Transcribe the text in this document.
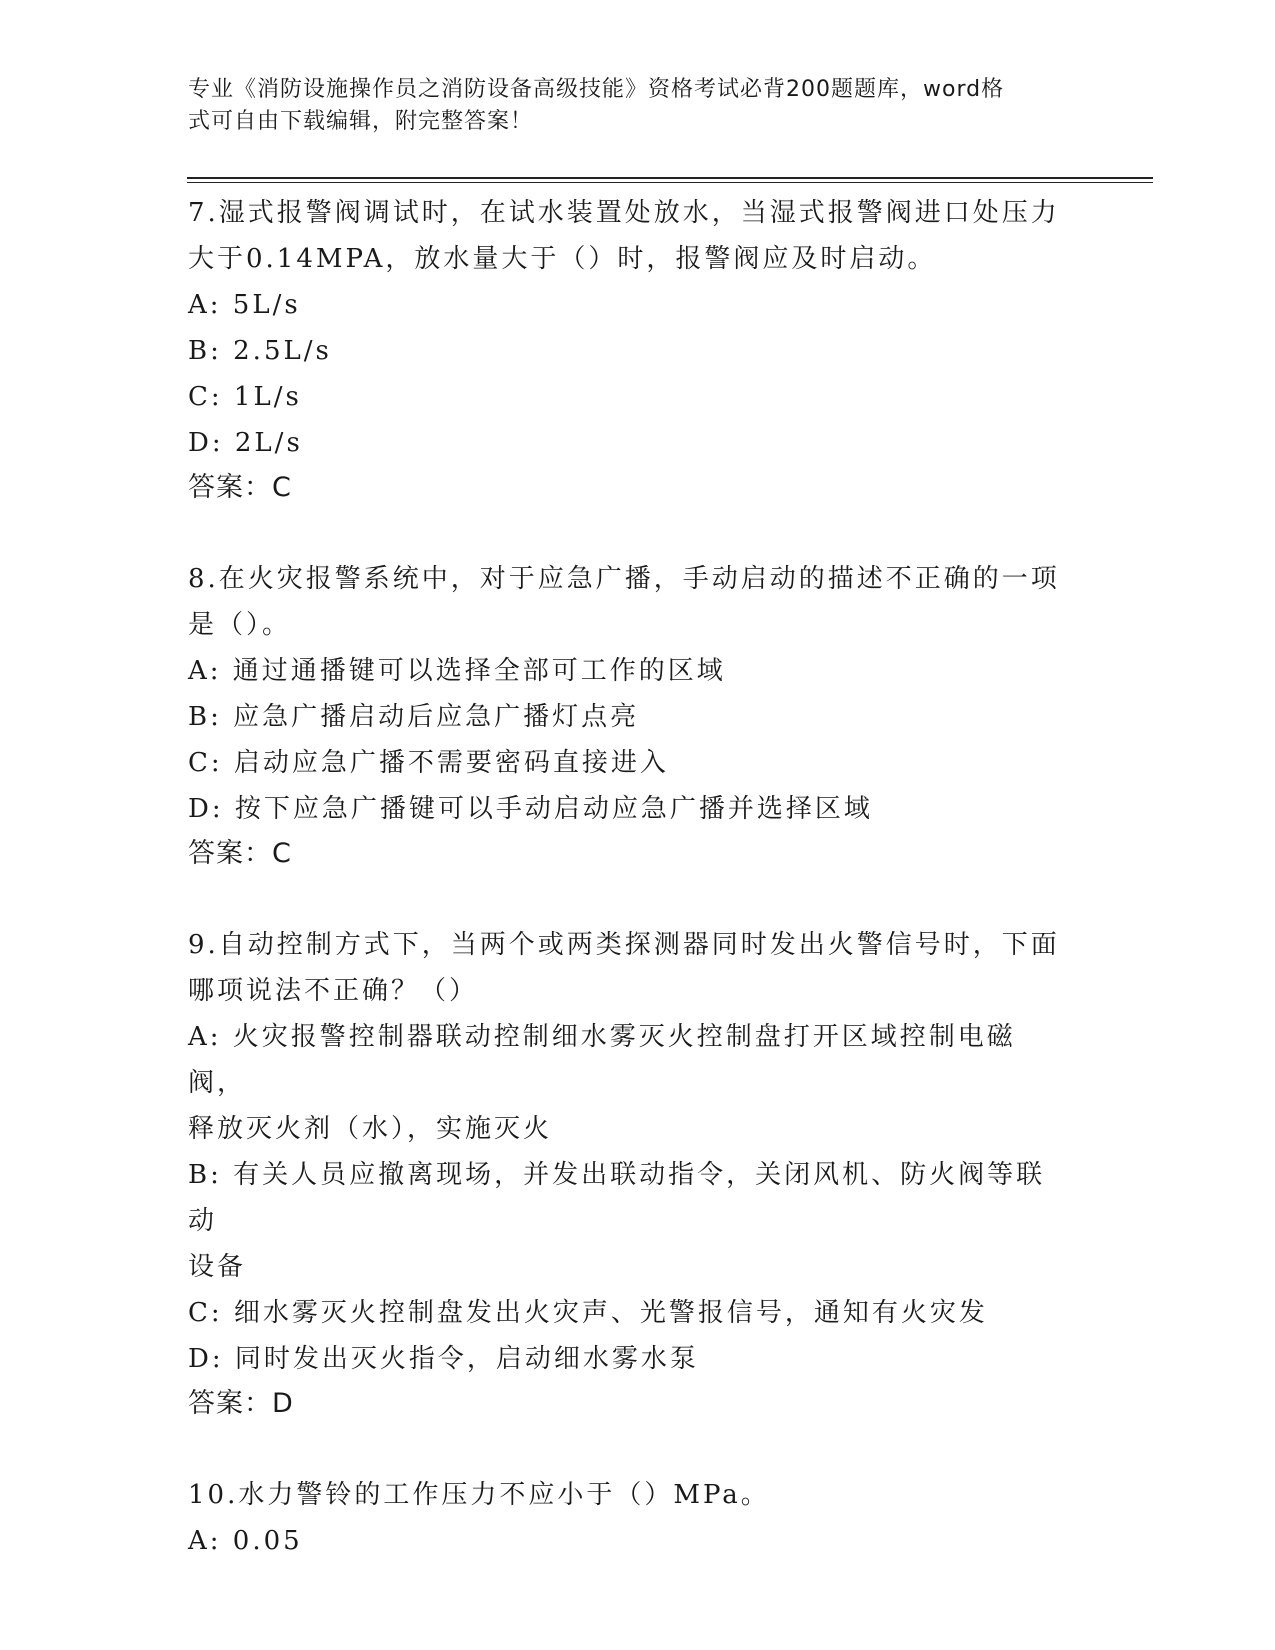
专业《消防设施操作员之消防设备高级技能》资格考试必背200题题库，word格
式可自由下载编辑，附完整答案！
7.湿式报警阀调试时，在试水装置处放水，当湿式报警阀进口处压力
大于0.14MPA，放水量大于（）时，报警阀应及时启动。
A: 5L/s
B: 2.5L/s
C: 1L/s
D: 2L/s
答案：C
8.在火灾报警系统中，对于应急广播，手动启动的描述不正确的一项
是（）。
A: 通过通播键可以选择全部可工作的区域
B: 应急广播启动后应急广播灯点亮
C: 启动应急广播不需要密码直接进入
D: 按下应急广播键可以手动启动应急广播并选择区域
答案：C
9.自动控制方式下，当两个或两类探测器同时发出火警信号时，下面
哪项说法不正确？（）
A: 火灾报警控制器联动控制细水雾灭火控制盘打开区域控制电磁阀，
释放灭火剂（水），实施灭火
B: 有关人员应撤离现场，并发出联动指令，关闭风机、防火阀等联动
设备
C: 细水雾灭火控制盘发出火灾声、光警报信号，通知有火灾发
D: 同时发出灭火指令，启动细水雾水泵
答案：D
10.水力警铃的工作压力不应小于（）MPa。
A: 0.05
